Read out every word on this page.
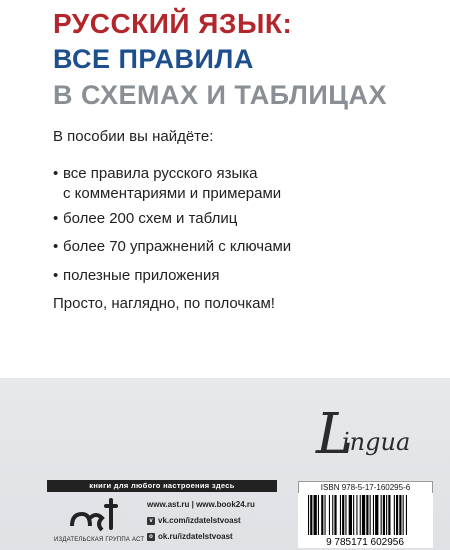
РУССКИЙ ЯЗЫК:
ВСЕ ПРАВИЛА
В СХЕМАХ И ТАБЛИЦАХ
В пособии вы найдёте:
• все правила русского языка
с комментариями и примерами
• более 200 схем и таблиц
• более 70 упражнений с ключами
• полезные приложения
Просто, наглядно, по полочкам!
L
ingua
книги для любого настроения здесь
ИЗДАТЕЛЬСКАЯ ГРУППА АСТ
www.ast.ru | www.book24.ru
v vk.com/izdatelstvoast
o ok.ru/izdatelstvoast
ISBN 978-5-17-160295-6
9 785171 602956
